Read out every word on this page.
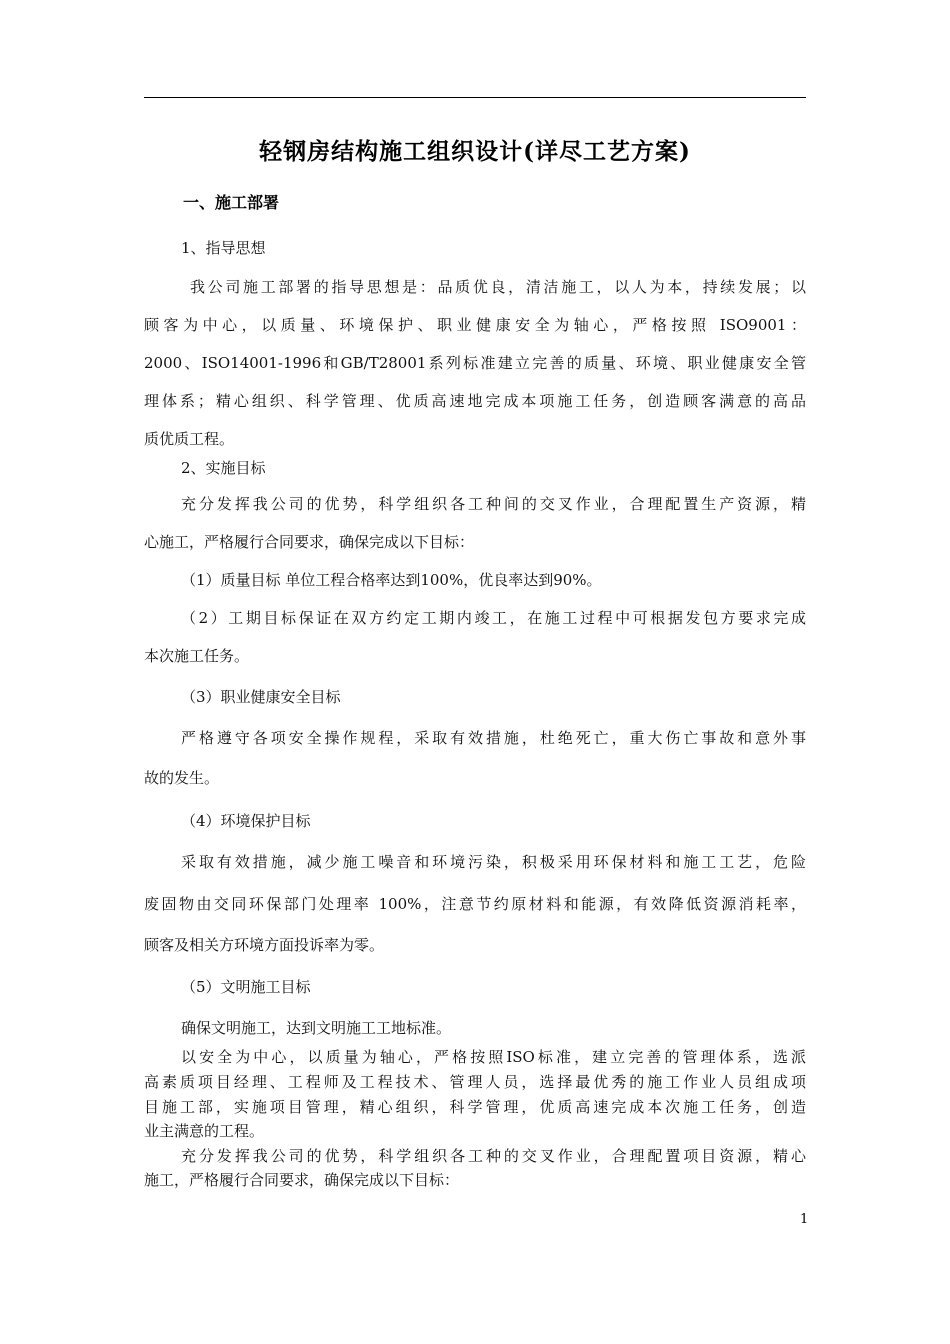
轻钢房结构施工组织设计(详尽工艺方案)
一、施工部署
1、指导思想
我公司施工部署的指导思想是：品质优良，清洁施工，以人为本，持续发展；以
顾客为中心，以质量、环境保护、职业健康安全为轴心，严格按照 ISO9001：
2000、ISO14001-1996和GB/T28001系列标准建立完善的质量、环境、职业健康安全管
理体系；精心组织、科学管理、优质高速地完成本项施工任务，创造顾客满意的高品
质优质工程。
2、实施目标
充分发挥我公司的优势，科学组织各工种间的交叉作业，合理配置生产资源，精
心施工，严格履行合同要求，确保完成以下目标：
（1）质量目标 单位工程合格率达到100%，优良率达到90%。
（2）工期目标保证在双方约定工期内竣工，在施工过程中可根据发包方要求完成
本次施工任务。
（3）职业健康安全目标
严格遵守各项安全操作规程，采取有效措施，杜绝死亡，重大伤亡事故和意外事
故的发生。
（4）环境保护目标
采取有效措施，减少施工噪音和环境污染，积极采用环保材料和施工工艺，危险
废固物由交同环保部门处理率 100%，注意节约原材料和能源，有效降低资源消耗率，
顾客及相关方环境方面投诉率为零。
（5）文明施工目标
确保文明施工，达到文明施工工地标准。
以安全为中心，以质量为轴心，严格按照ISO标准，建立完善的管理体系，选派
高素质项目经理、工程师及工程技术、管理人员，选择最优秀的施工作业人员组成项
目施工部，实施项目管理，精心组织，科学管理，优质高速完成本次施工任务，创造
业主满意的工程。
充分发挥我公司的优势，科学组织各工种的交叉作业，合理配置项目资源，精心
施工，严格履行合同要求，确保完成以下目标：
1
